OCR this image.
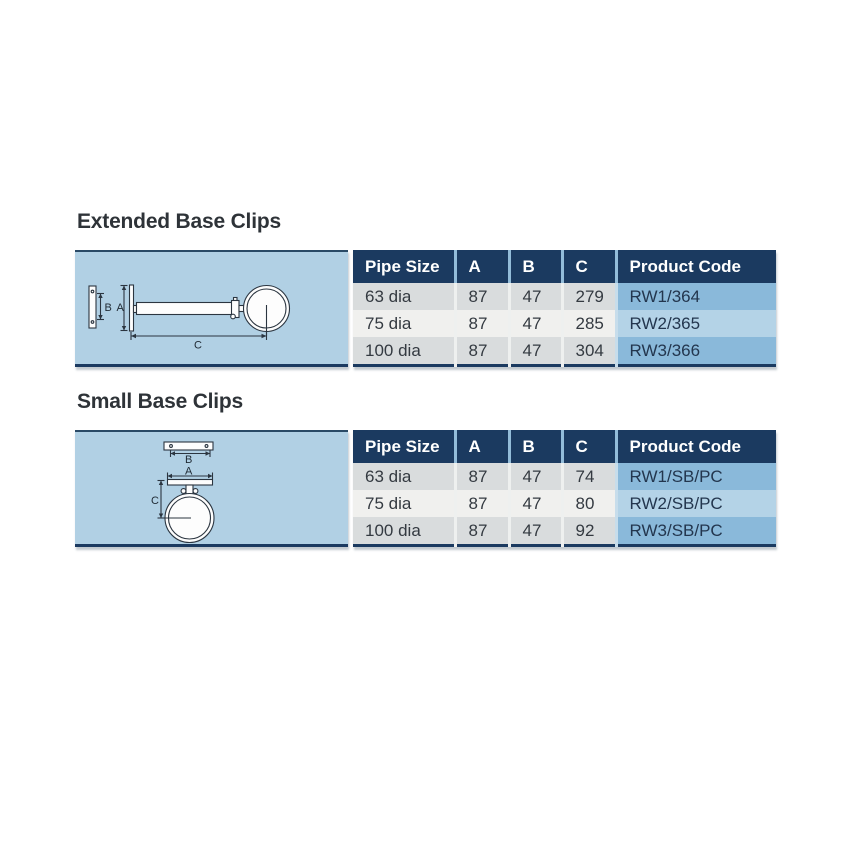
Extended Base Clips
B A
C
Pipe Size	A	B	C	Product Code
63 dia	87	47	279	RW1/364
75 dia	87	47	285	RW2/365
100 dia	87	47	304	RW3/366
Small Base Clips
B
A
C
Pipe Size	A	B	C	Product Code
63 dia	87	47	74	RW1/SB/PC
75 dia	87	47	80	RW2/SB/PC
100 dia	87	47	92	RW3/SB/PC
